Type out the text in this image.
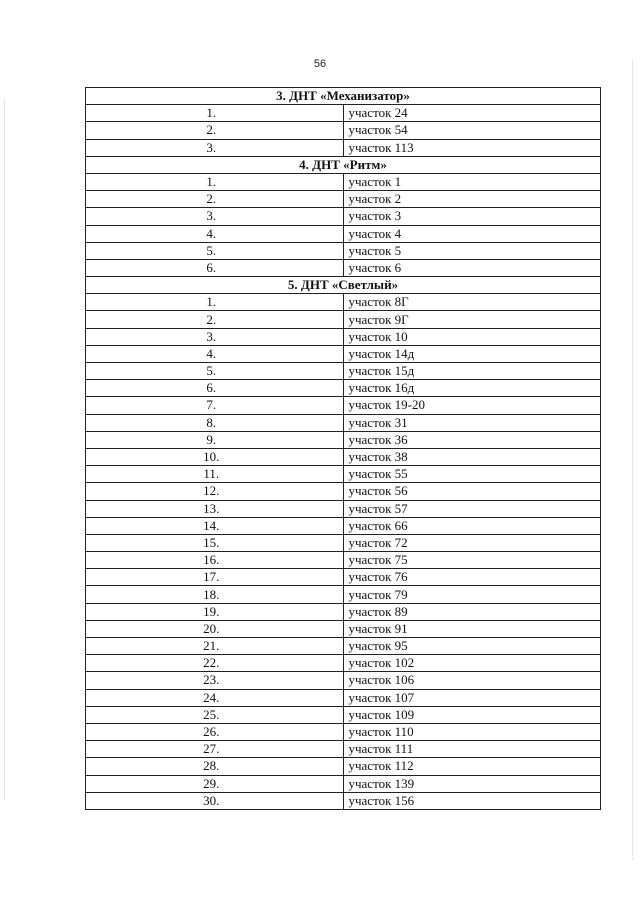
56
3. ДНТ «Механизатор»	
1.	участок 24
2.	участок 54
3.	участок 113
4. ДНТ «Ритм»	
1.	участок 1
2.	участок 2
3.	участок 3
4.	участок 4
5.	участок 5
6.	участок 6
5. ДНТ «Светлый»	
1.	участок 8Г
2.	участок 9Г
3.	участок 10
4.	участок 14д
5.	участок 15д
6.	участок 16д
7.	участок 19-20
8.	участок 31
9.	участок 36
10.	участок 38
11.	участок 55
12.	участок 56
13.	участок 57
14.	участок 66
15.	участок 72
16.	участок 75
17.	участок 76
18.	участок 79
19.	участок 89
20.	участок 91
21.	участок 95
22.	участок 102
23.	участок 106
24.	участок 107
25.	участок 109
26.	участок 110
27.	участок 111
28.	участок 112
29.	участок 139
30.	участок 156
